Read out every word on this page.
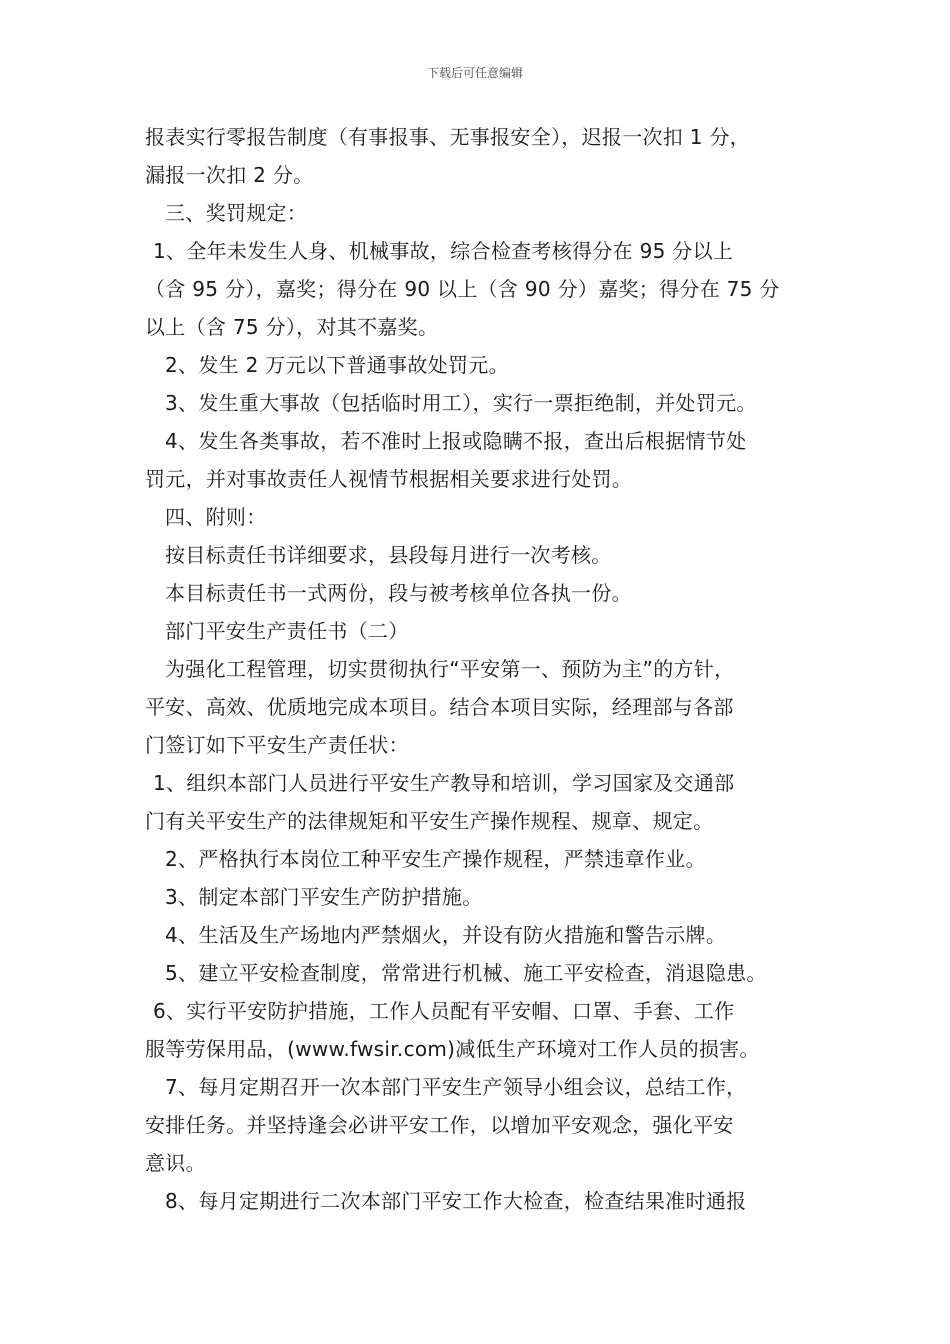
下载后可任意编辑
报表实行零报告制度（有事报事、无事报安全），迟报一次扣 1 分，
漏报一次扣 2 分。
三、奖罚规定：
1、全年未发生人身、机械事故，综合检查考核得分在 95 分以上
（含 95 分），嘉奖；得分在 90 以上（含 90 分）嘉奖；得分在 75 分
以上（含 75 分），对其不嘉奖。
2、发生 2 万元以下普通事故处罚元。
3、发生重大事故（包括临时用工），实行一票拒绝制，并处罚元。
4、发生各类事故，若不准时上报或隐瞒不报，查出后根据情节处
罚元，并对事故责任人视情节根据相关要求进行处罚。
四、附则：
按目标责任书详细要求，县段每月进行一次考核。
本目标责任书一式两份，段与被考核单位各执一份。
部门平安生产责任书（二）
为强化工程管理，切实贯彻执行“平安第一、预防为主”的方针，
平安、高效、优质地完成本项目。结合本项目实际，经理部与各部
门签订如下平安生产责任状：
1、组织本部门人员进行平安生产教导和培训，学习国家及交通部
门有关平安生产的法律规矩和平安生产操作规程、规章、规定。
2、严格执行本岗位工种平安生产操作规程，严禁违章作业。
3、制定本部门平安生产防护措施。
4、生活及生产场地内严禁烟火，并设有防火措施和警告示牌。
5、建立平安检查制度，常常进行机械、施工平安检查，消退隐患。
6、实行平安防护措施，工作人员配有平安帽、口罩、手套、工作
服等劳保用品，(www.fwsir.com)减低生产环境对工作人员的损害。
7、每月定期召开一次本部门平安生产领导小组会议，总结工作，
安排任务。并坚持逢会必讲平安工作，以增加平安观念，强化平安
意识。
8、每月定期进行二次本部门平安工作大检查，检查结果准时通报
